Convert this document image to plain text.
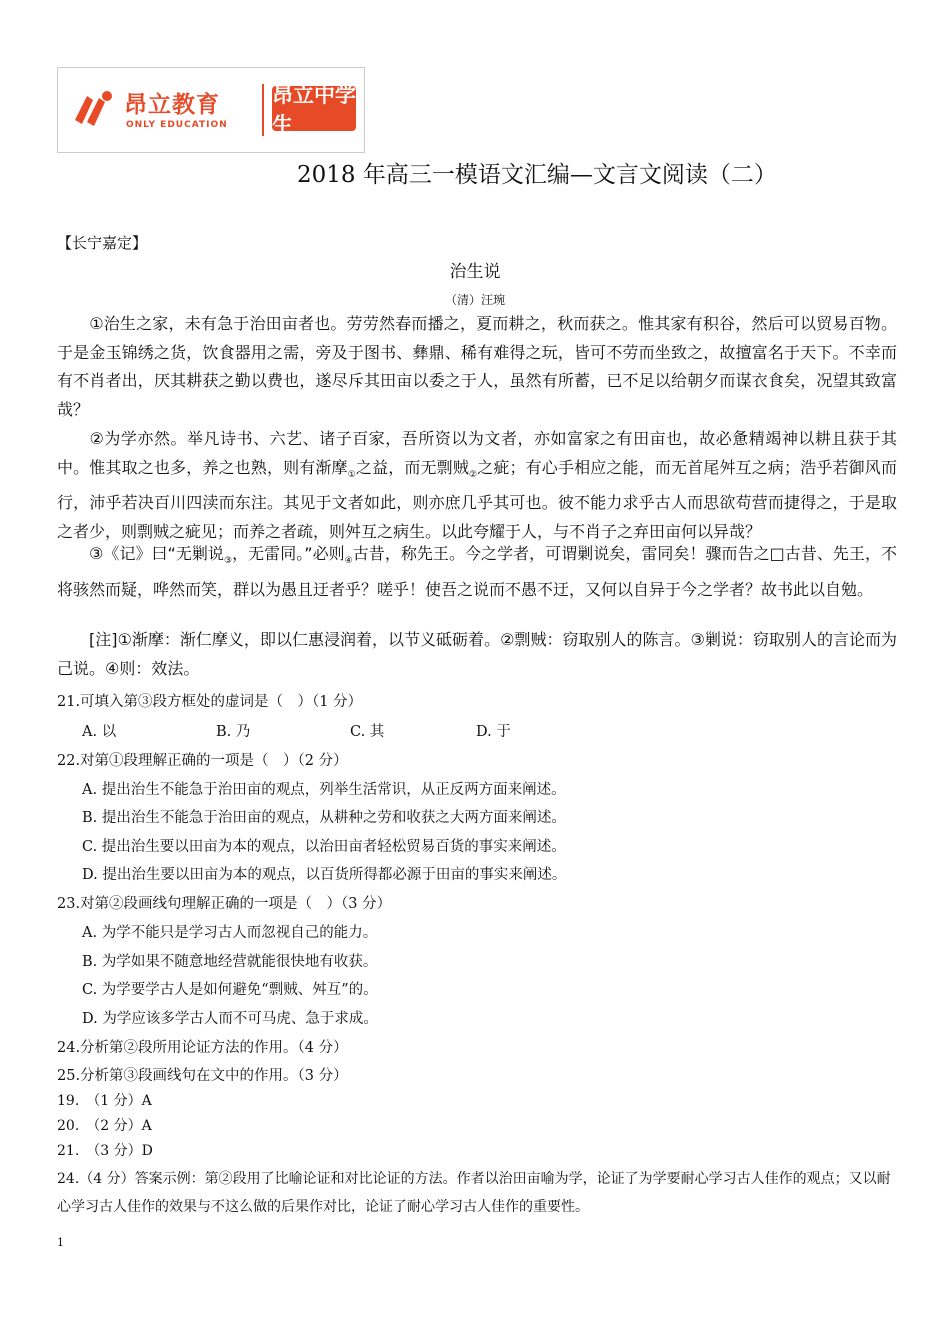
昂立教育
ONLY EDUCATION
昂立中学生
2018 年高三一模语文汇编—文言文阅读（二）
【长宁嘉定】
治生说
（清）汪琬
①治生之家，未有急于治田亩者也。劳劳然春而播之，夏而耕之，秋而获之。惟其家有积谷，然后可以贸易百物。于是金玉锦绣之货，饮食器用之需，旁及于图书、彝鼎、稀有难得之玩，皆可不劳而坐致之，故擅富名于天下。不幸而有不肖者出，厌其耕获之勤以费也，遂尽斥其田亩以委之于人，虽然有所蓄，已不足以给朝夕而谋衣食矣，况望其致富哉？
②为学亦然。举凡诗书、六艺、诸子百家，吾所资以为文者，亦如富家之有田亩也，故必惫精竭神以耕且获于其中。惟其取之也多，养之也熟，则有渐摩$_①$之益，而无剽贼$_②$之疵；有心手相应之能，而无首尾舛互之病；浩乎若御风而行，沛乎若决百川四渎而东注。其见于文者如此，则亦庶几乎其可也。彼不能力求乎古人而思欲苟营而捷得之，于是取之者少，则剽贼之疵见；而养之者疏，则舛互之病生。以此夸耀于人，与不肖子之弃田亩何以异哉？
③《记》曰“无剿说$_③$，无雷同。”必则$_④$古昔，称先王。今之学者，可谓剿说矣，雷同矣！骤而告之□古昔、先王，不将骇然而疑，哗然而笑，群以为愚且迂者乎？嗟乎！使吾之说而不愚不迂，又何以自异于今之学者？故书此以自勉。
[注]①渐摩：渐仁摩义，即以仁惠浸润着，以节义砥砺着。②剽贼：窃取别人的陈言。③剿说：窃取别人的言论而为己说。④则：效法。
21.可填入第③段方框处的虚词是（　）（1 分）
A. 以	B. 乃	C. 其	D. 于
22.对第①段理解正确的一项是（　）（2 分）
A. 提出治生不能急于治田亩的观点，列举生活常识，从正反两方面来阐述。
B. 提出治生不能急于治田亩的观点，从耕种之劳和收获之大两方面来阐述。
C. 提出治生要以田亩为本的观点，以治田亩者轻松贸易百货的事实来阐述。
D. 提出治生要以田亩为本的观点，以百货所得都必源于田亩的事实来阐述。
23.对第②段画线句理解正确的一项是（　）（3 分）
A. 为学不能只是学习古人而忽视自己的能力。
B. 为学如果不随意地经营就能很快地有收获。
C. 为学要学古人是如何避免“剽贼、舛互”的。
D. 为学应该多学古人而不可马虎、急于求成。
24.分析第②段所用论证方法的作用。（4 分）
25.分析第③段画线句在文中的作用。（3 分）
19.　（1 分）A
20.　（2 分）A
21.　（3 分）D
24.（4 分）答案示例：第②段用了比喻论证和对比论证的方法。作者以治田亩喻为学，论证了为学要耐心学习古人佳作的观点；又以耐心学习古人佳作的效果与不这么做的后果作对比，论证了耐心学习古人佳作的重要性。
1
